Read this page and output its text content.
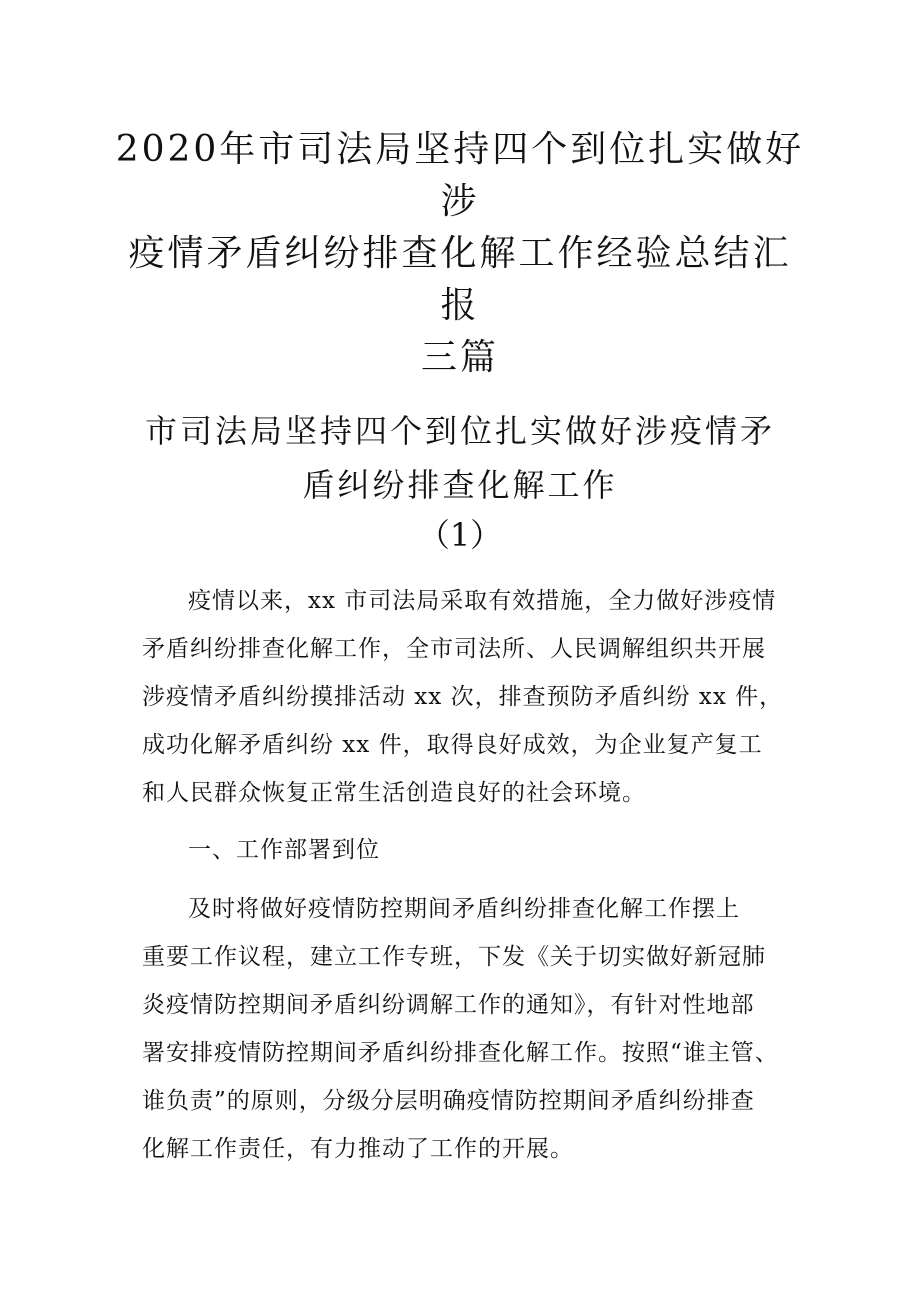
2020年市司法局坚持四个到位扎实做好涉
疫情矛盾纠纷排查化解工作经验总结汇报
三篇
市司法局坚持四个到位扎实做好涉疫情矛
盾纠纷排查化解工作
（1）

疫情以来，xx 市司法局采取有效措施，全力做好涉疫情
矛盾纠纷排查化解工作，全市司法所、人民调解组织共开展
涉疫情矛盾纠纷摸排活动 xx 次，排查预防矛盾纠纷 xx 件，
成功化解矛盾纠纷 xx 件，取得良好成效，为企业复产复工
和人民群众恢复正常生活创造良好的社会环境。

一、工作部署到位

及时将做好疫情防控期间矛盾纠纷排查化解工作摆上
重要工作议程，建立工作专班，下发《关于切实做好新冠肺
炎疫情防控期间矛盾纠纷调解工作的通知》，有针对性地部
署安排疫情防控期间矛盾纠纷排查化解工作。按照“谁主管、
谁负责”的原则，分级分层明确疫情防控期间矛盾纠纷排查
化解工作责任，有力推动了工作的开展。
